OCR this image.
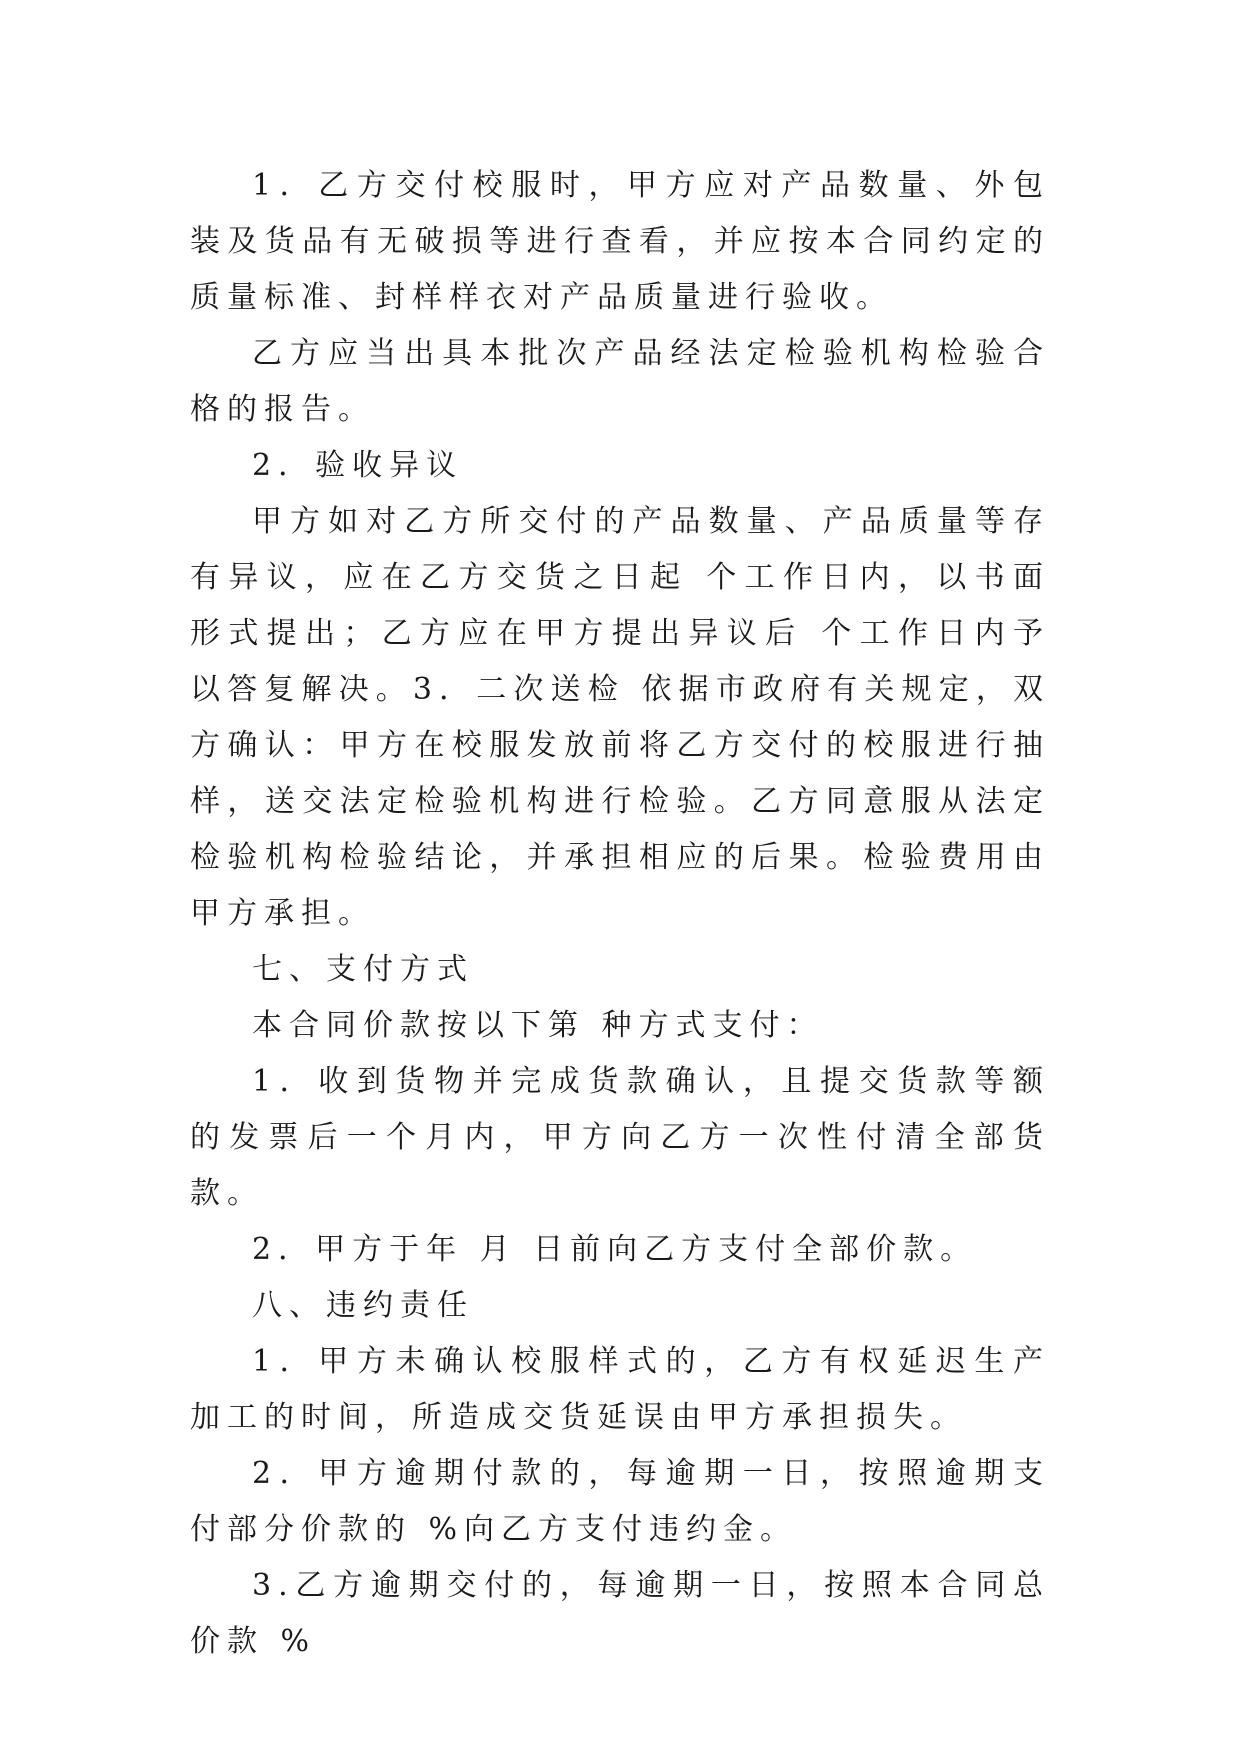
1．乙方交付校服时，甲方应对产品数量、外包装及货品有无破损等进行查看，并应按本合同约定的质量标准、封样样衣对产品质量进行验收。

乙方应当出具本批次产品经法定检验机构检验合格的报告。

2．验收异议

甲方如对乙方所交付的产品数量、产品质量等存有异议，应在乙方交货之日起 个工作日内，以书面形式提出；乙方应在甲方提出异议后 个工作日内予以答复解决。3．二次送检 依据市政府有关规定，双方确认：甲方在校服发放前将乙方交付的校服进行抽样，送交法定检验机构进行检验。乙方同意服从法定检验机构检验结论，并承担相应的后果。检验费用由甲方承担。

七、支付方式

本合同价款按以下第 种方式支付：

1．收到货物并完成货款确认，且提交货款等额的发票后一个月内，甲方向乙方一次性付清全部货款。

2．甲方于年 月 日前向乙方支付全部价款。

八、违约责任

1．甲方未确认校服样式的，乙方有权延迟生产加工的时间，所造成交货延误由甲方承担损失。

2．甲方逾期付款的，每逾期一日，按照逾期支付部分价款的 %向乙方支付违约金。

3.乙方逾期交付的，每逾期一日，按照本合同总价款 %
